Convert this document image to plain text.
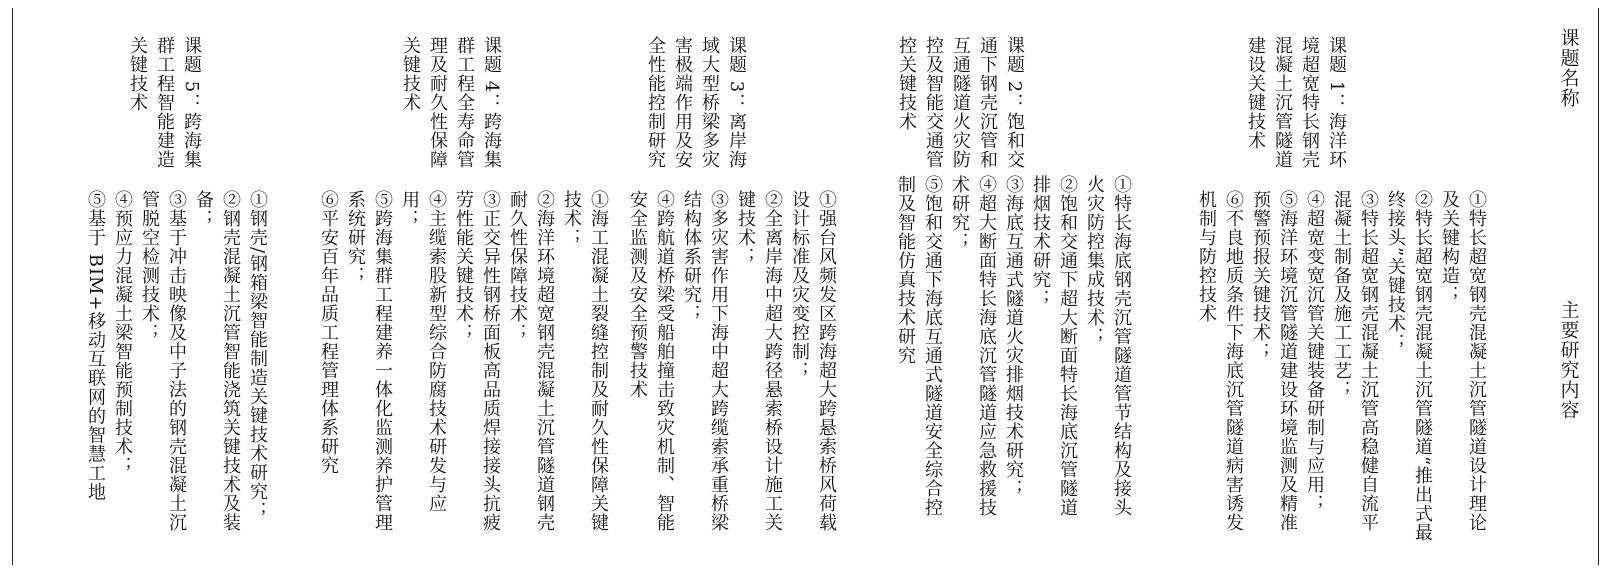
课题名称
主要研究内容
课题 1：海洋环境超宽特长钢壳混凝土沉管隧道建设关键技术
①特长超宽钢壳混凝土沉管隧道设计理论及关键构造；
②特长超宽钢壳混凝土沉管隧道“推出式最终接头”关键技术；
③特长超宽钢壳混凝土沉管高稳健自流平混凝土制备及施工工艺；
④超宽变宽沉管关键装备研制与应用；
⑤海洋环境沉管隧道建设环境监测及精准预警预报关键技术；
⑥不良地质条件下海底沉管隧道病害诱发机制与防控技术
课题 2：饱和交通下钢壳沉管和互通隧道火灾防控及智能交通管控关键技术
①特长海底钢壳沉管隧道管节结构及接头火灾防控集成技术；
②饱和交通下超大断面特长海底沉管隧道排烟技术研究；
③海底互通式隧道火灾排烟技术研究；
④超大断面特长海底沉管隧道应急救援技术研究；
⑤饱和交通下海底互通式隧道安全综合控制及智能仿真技术研究
课题 3：离岸海域大型桥梁多灾害极端作用及安全性能控制研究
①强台风频发区跨海超大跨悬索桥风荷载设计标准及灾变控制；
②全离岸海中超大跨径悬索桥设计施工关键技术；
③多灾害作用下海中超大跨缆索承重桥梁结构体系研究；
④跨航道桥梁受船舶撞击致灾机制、智能安全监测及安全预警技术
课题 4：跨海集群工程全寿命管理及耐久性保障关键技术
①海工混凝土裂缝控制及耐久性保障关键技术；
②海洋环境超宽钢壳混凝土沉管隧道钢壳耐久性保障技术；
③正交异性钢桥面板高品质焊接接头抗疲劳性能关键技术；
④主缆索股新型综合防腐技术研发与应用；
⑤跨海集群工程建养一体化监测养护管理系统研究；
⑥平安百年品质工程管理体系研究
课题 5：跨海集群工程智能建造关键技术
①钢壳/钢箱梁智能制造关键技术研究；
②钢壳混凝土沉管智能浇筑关键技术及装备；
③基于冲击映像及中子法的钢壳混凝土沉管脱空检测技术；
④预应力混凝土梁智能预制技术；
⑤基于 BIM+移动互联网的智慧工地
